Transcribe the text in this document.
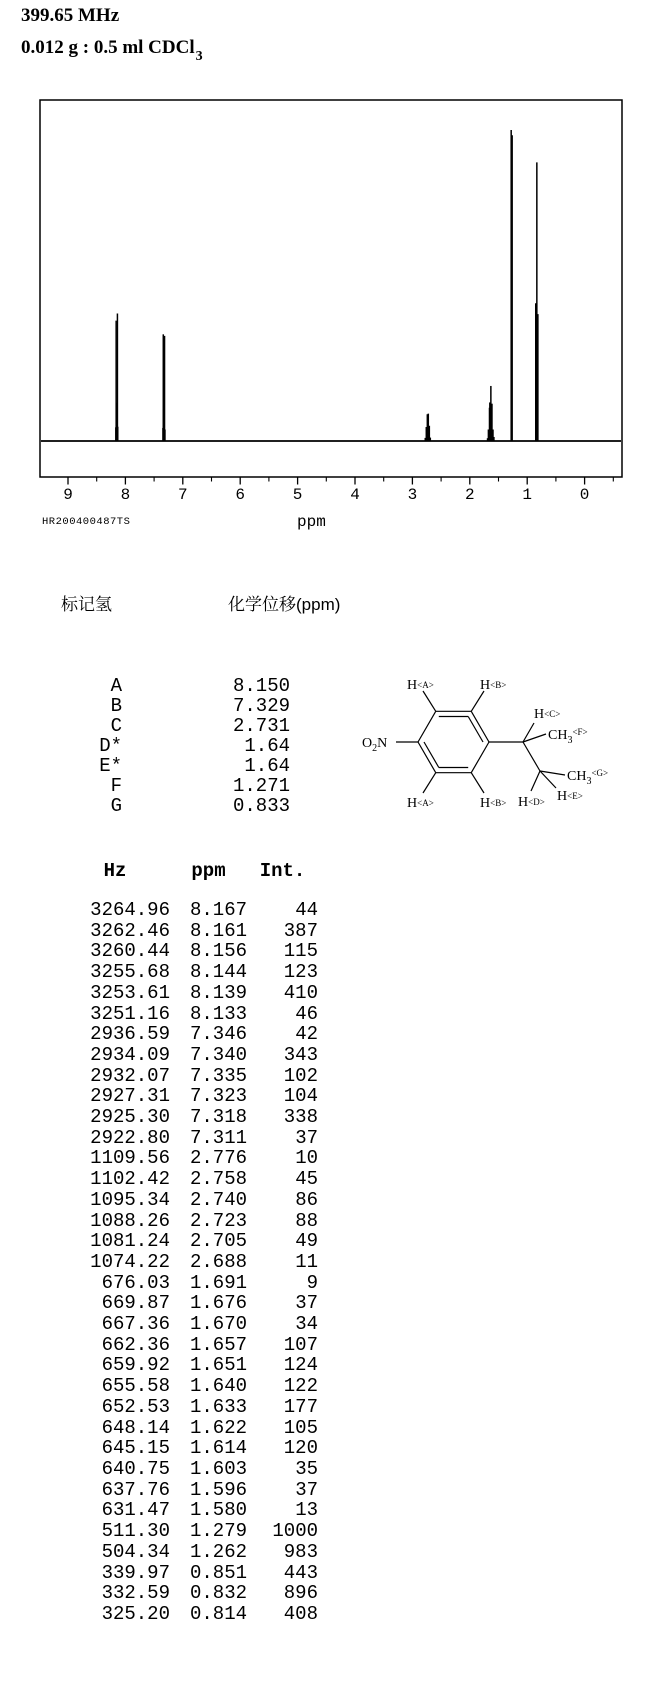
399.65 MHz
0.012 g : 0.5 ml CDCl$_3$
9	8	7	6	5	4	3	2	1	0
HR200400487TS	ppm
标记氢	化学位移(ppm)
A	8.150
B	7.329
C	2.731
D*	1.64
E*	1.64
F	1.271
G	0.833
$O_2N$
H<A>	H<B>
H<A>	H<B>
H<C>
$CH_3^{<F>}$
$CH_3^{<G>}$
H<D> H<E>
Hz	ppm	Int.
3264.96	8.167	44
3262.46	8.161	387
3260.44	8.156	115
3255.68	8.144	123
3253.61	8.139	410
3251.16	8.133	46
2936.59	7.346	42
2934.09	7.340	343
2932.07	7.335	102
2927.31	7.323	104
2925.30	7.318	338
2922.80	7.311	37
1109.56	2.776	10
1102.42	2.758	45
1095.34	2.740	86
1088.26	2.723	88
1081.24	2.705	49
1074.22	2.688	11
676.03	1.691	9
669.87	1.676	37
667.36	1.670	34
662.36	1.657	107
659.92	1.651	124
655.58	1.640	122
652.53	1.633	177
648.14	1.622	105
645.15	1.614	120
640.75	1.603	35
637.76	1.596	37
631.47	1.580	13
511.30	1.279	1000
504.34	1.262	983
339.97	0.851	443
332.59	0.832	896
325.20	0.814	408
